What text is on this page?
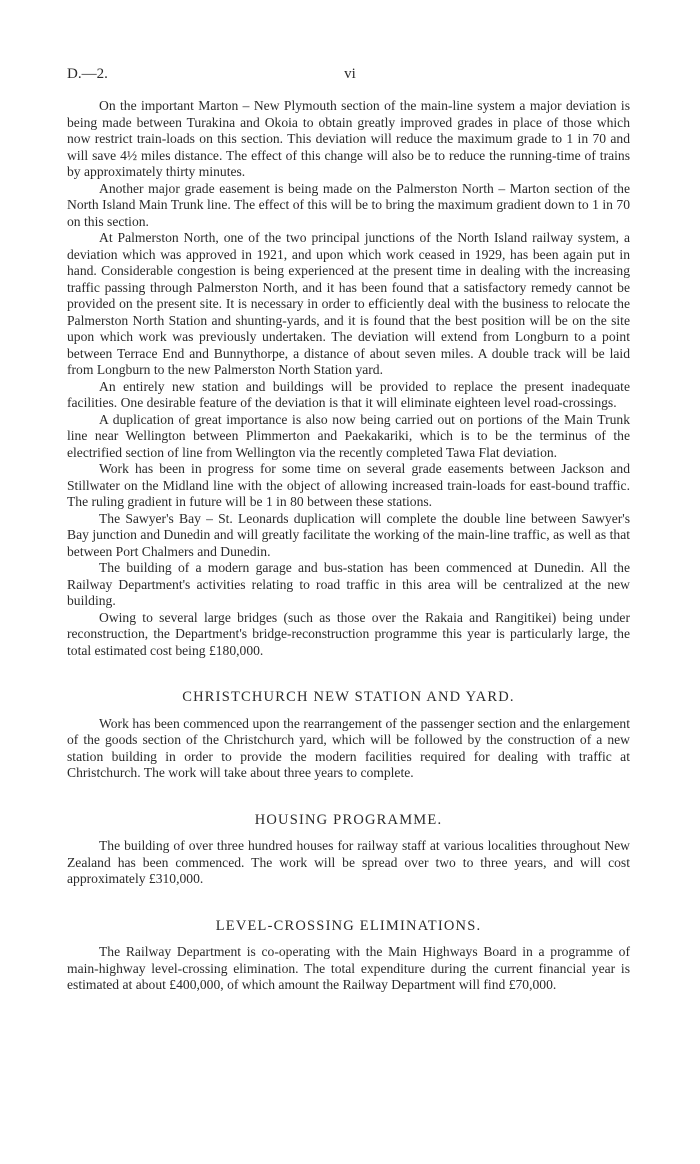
D.—2.	vi

On the important Marton – New Plymouth section of the main-line system a major deviation is being made between Turakina and Okoia to obtain greatly improved grades in place of those which now restrict train-loads on this section. This deviation will reduce the maximum grade to 1 in 70 and will save 4½ miles distance. The effect of this change will also be to reduce the running-time of trains by approximately thirty minutes.

Another major grade easement is being made on the Palmerston North – Marton section of the North Island Main Trunk line. The effect of this will be to bring the maximum gradient down to 1 in 70 on this section.

At Palmerston North, one of the two principal junctions of the North Island railway system, a deviation which was approved in 1921, and upon which work ceased in 1929, has been again put in hand. Considerable congestion is being experienced at the present time in dealing with the increasing traffic passing through Palmerston North, and it has been found that a satisfactory remedy cannot be provided on the present site. It is necessary in order to efficiently deal with the business to relocate the Palmerston North Station and shunting-yards, and it is found that the best position will be on the site upon which work was previously undertaken. The deviation will extend from Longburn to a point between Terrace End and Bunnythorpe, a distance of about seven miles. A double track will be laid from Longburn to the new Palmerston North Station yard.

An entirely new station and buildings will be provided to replace the present inadequate facilities. One desirable feature of the deviation is that it will eliminate eighteen level road-crossings.

A duplication of great importance is also now being carried out on portions of the Main Trunk line near Wellington between Plimmerton and Paekakariki, which is to be the terminus of the electrified section of line from Wellington via the recently completed Tawa Flat deviation.

Work has been in progress for some time on several grade easements between Jackson and Stillwater on the Midland line with the object of allowing increased train-loads for east-bound traffic. The ruling gradient in future will be 1 in 80 between these stations.

The Sawyer's Bay – St. Leonards duplication will complete the double line between Sawyer's Bay junction and Dunedin and will greatly facilitate the working of the main-line traffic, as well as that between Port Chalmers and Dunedin.

The building of a modern garage and bus-station has been commenced at Dunedin. All the Railway Department's activities relating to road traffic in this area will be centralized at the new building.

Owing to several large bridges (such as those over the Rakaia and Rangitikei) being under reconstruction, the Department's bridge-reconstruction programme this year is particularly large, the total estimated cost being £180,000.

CHRISTCHURCH NEW STATION AND YARD.

Work has been commenced upon the rearrangement of the passenger section and the enlargement of the goods section of the Christchurch yard, which will be followed by the construction of a new station building in order to provide the modern facilities required for dealing with traffic at Christchurch. The work will take about three years to complete.

HOUSING PROGRAMME.

The building of over three hundred houses for railway staff at various localities throughout New Zealand has been commenced. The work will be spread over two to three years, and will cost approximately £310,000.

LEVEL-CROSSING ELIMINATIONS.

The Railway Department is co-operating with the Main Highways Board in a programme of main-highway level-crossing elimination. The total expenditure during the current financial year is estimated at about £400,000, of which amount the Railway Department will find £70,000.
